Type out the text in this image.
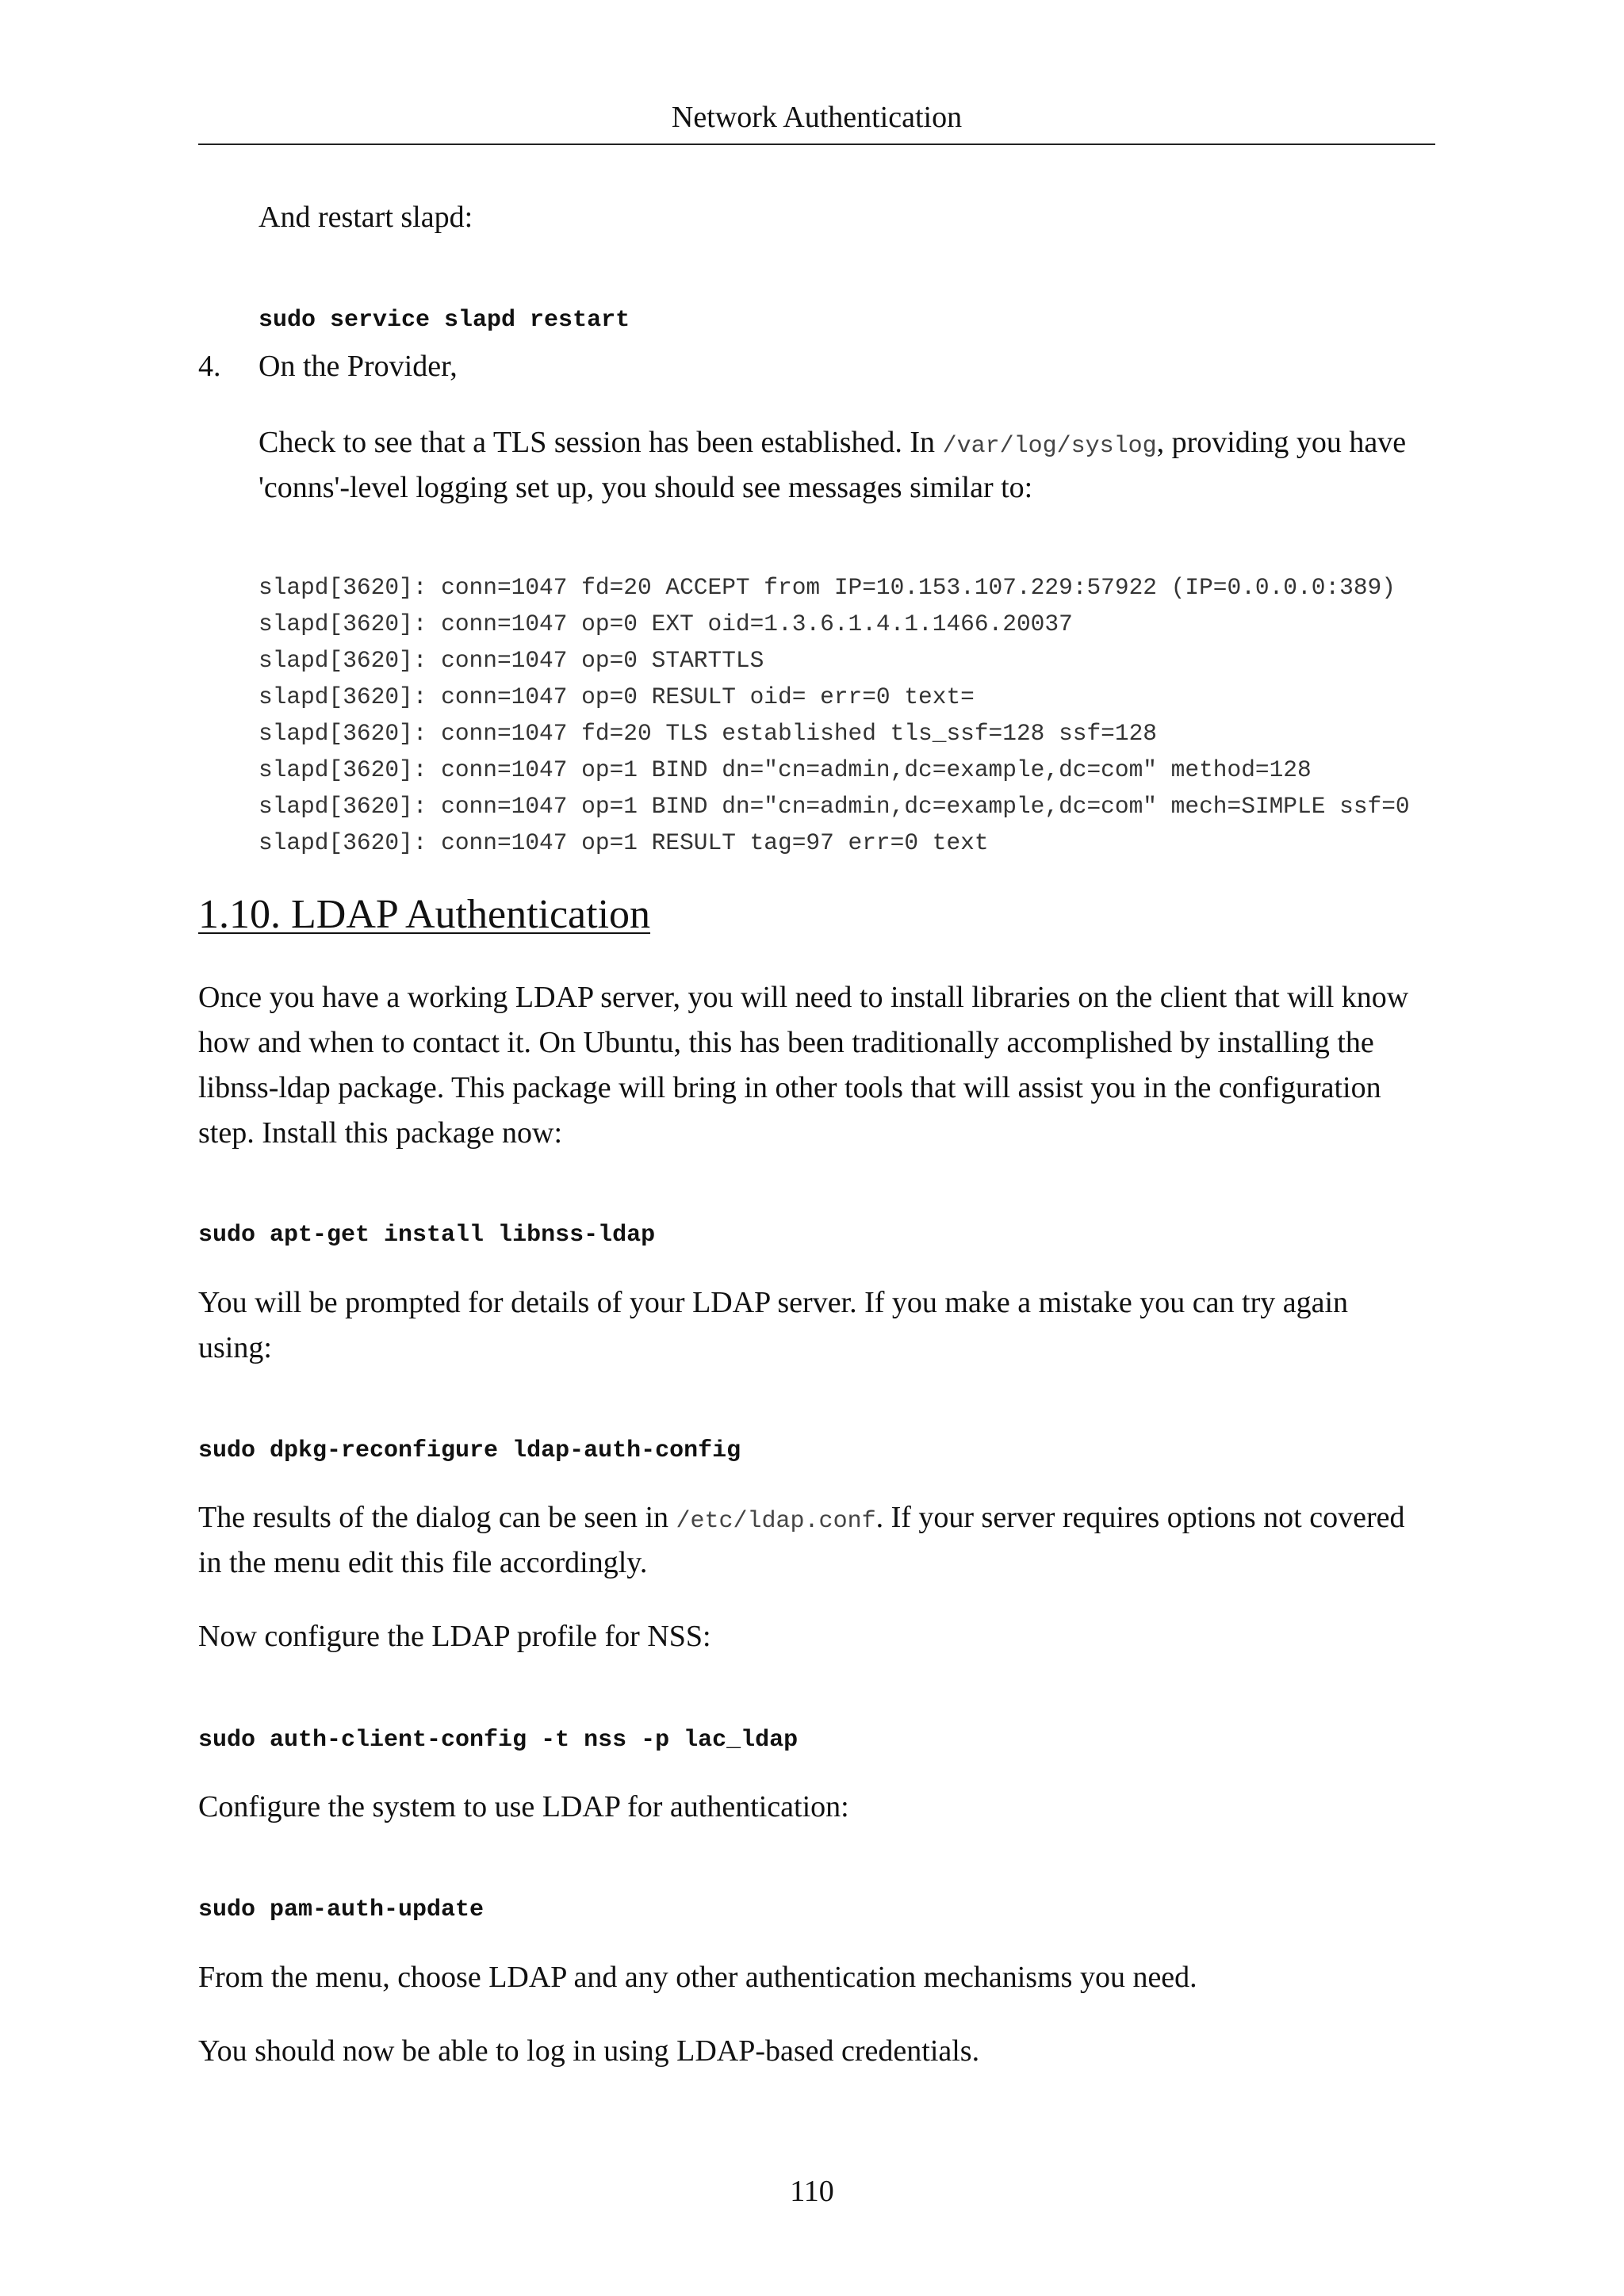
Network Authentication
And restart slapd:
sudo service slapd restart
4. On the Provider,
Check to see that a TLS session has been established. In /var/log/syslog, providing you have
'conns'-level logging set up, you should see messages similar to:
slapd[3620]: conn=1047 fd=20 ACCEPT from IP=10.153.107.229:57922 (IP=0.0.0.0:389)
slapd[3620]: conn=1047 op=0 EXT oid=1.3.6.1.4.1.1466.20037
slapd[3620]: conn=1047 op=0 STARTTLS
slapd[3620]: conn=1047 op=0 RESULT oid= err=0 text=
slapd[3620]: conn=1047 fd=20 TLS established tls_ssf=128 ssf=128
slapd[3620]: conn=1047 op=1 BIND dn="cn=admin,dc=example,dc=com" method=128
slapd[3620]: conn=1047 op=1 BIND dn="cn=admin,dc=example,dc=com" mech=SIMPLE ssf=0
slapd[3620]: conn=1047 op=1 RESULT tag=97 err=0 text
1.10. LDAP Authentication
Once you have a working LDAP server, you will need to install libraries on the client that will know
how and when to contact it. On Ubuntu, this has been traditionally accomplished by installing the
libnss-ldap package. This package will bring in other tools that will assist you in the configuration
step. Install this package now:
sudo apt-get install libnss-ldap
You will be prompted for details of your LDAP server. If you make a mistake you can try again
using:
sudo dpkg-reconfigure ldap-auth-config
The results of the dialog can be seen in /etc/ldap.conf. If your server requires options not covered
in the menu edit this file accordingly.
Now configure the LDAP profile for NSS:
sudo auth-client-config -t nss -p lac_ldap
Configure the system to use LDAP for authentication:
sudo pam-auth-update
From the menu, choose LDAP and any other authentication mechanisms you need.
You should now be able to log in using LDAP-based credentials.
110
